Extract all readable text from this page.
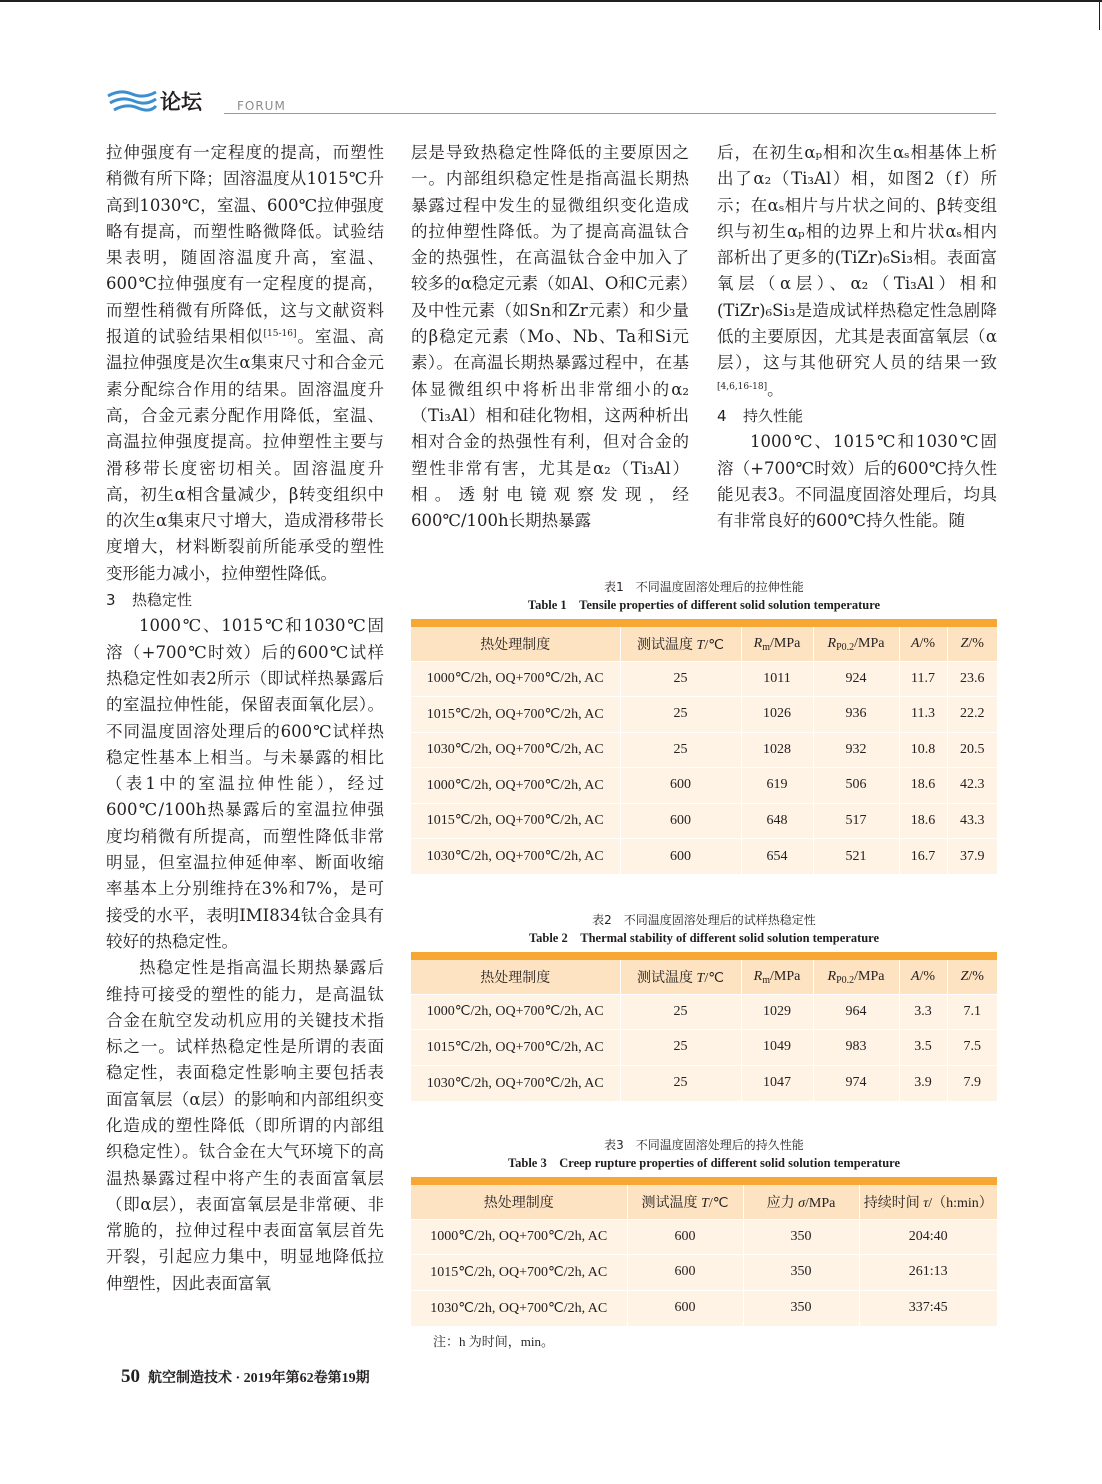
论坛	FORUM

拉伸强度有一定程度的提高，而塑性稍微有所下降；固溶温度从1015℃升高到1030℃，室温、600℃拉伸强度略有提高，而塑性略微降低。试验结果表明，随固溶温度升高，室温、600℃拉伸强度有一定程度的提高，而塑性稍微有所降低，这与文献资料报道的试验结果相似[15-16]。室温、高温拉伸强度是次生α集束尺寸和合金元素分配综合作用的结果。固溶温度升高，合金元素分配作用降低，室温、高温拉伸强度提高。拉伸塑性主要与滑移带长度密切相关。固溶温度升高，初生α相含量减少，β转变组织中的次生α集束尺寸增大，造成滑移带长度增大，材料断裂前所能承受的塑性变形能力减小，拉伸塑性降低。

3 热稳定性

1000℃、1015℃和1030℃固溶（+700℃时效）后的600℃试样热稳定性如表2所示（即试样热暴露后的室温拉伸性能，保留表面氧化层）。不同温度固溶处理后的600℃试样热稳定性基本上相当。与未暴露的相比（表1中的室温拉伸性能），经过600℃/100h热暴露后的室温拉伸强度均稍微有所提高，而塑性降低非常明显，但室温拉伸延伸率、断面收缩率基本上分别维持在3%和7%，是可接受的水平，表明IMI834钛合金具有较好的热稳定性。

热稳定性是指高温长期热暴露后维持可接受的塑性的能力，是高温钛合金在航空发动机应用的关键技术指标之一。试样热稳定性是所谓的表面稳定性，表面稳定性影响主要包括表面富氧层（α层）的影响和内部组织变化造成的塑性降低（即所谓的内部组织稳定性）。钛合金在大气环境下的高温热暴露过程中将产生的表面富氧层（即α层），表面富氧层是非常硬、非常脆的，拉伸过程中表面富氧层首先开裂，引起应力集中，明显地降低拉伸塑性，因此表面富氧

层是导致热稳定性降低的主要原因之一。内部组织稳定性是指高温长期热暴露过程中发生的显微组织变化造成的拉伸塑性降低。为了提高高温钛合金的热强性，在高温钛合金中加入了较多的α稳定元素（如Al、O和C元素）及中性元素（如Sn和Zr元素）和少量的β稳定元素（Mo、Nb、Ta和Si元素）。在高温长期热暴露过程中，在基体显微组织中将析出非常细小的α₂（Ti₃Al）相和硅化物相，这两种析出相对合金的热强性有利，但对合金的塑性非常有害，尤其是α₂（Ti₃Al）相。透射电镜观察发现，经600℃/100h长期热暴露

后，在初生αₚ相和次生αₛ相基体上析出了α₂（Ti₃Al）相，如图2（f）所示；在αₛ相片与片状之间的、β转变组织与初生αₚ相的边界上和片状αₛ相内部析出了更多的(TiZr)₆Si₃相。表面富氧层（α层）、α₂（Ti₃Al）相和(TiZr)₆Si₃是造成试样热稳定性急剧降低的主要原因，尤其是表面富氧层（α层），这与其他研究人员的结果一致[4,6,16-18]。

4 持久性能

1000℃、1015℃和1030℃固溶（+700℃时效）后的600℃持久性能见表3。不同温度固溶处理后，均具有非常良好的600℃持久性能。随

表1　不同温度固溶处理后的拉伸性能
Table 1　Tensile properties of different solid solution temperature
热处理制度	测试温度 T/℃	$R_m$/MPa	$R_{P0.2}$/MPa	A/%	Z/%
1000℃/2h, OQ+700℃/2h, AC	25	1011	924	11.7	23.6
1015℃/2h, OQ+700℃/2h, AC	25	1026	936	11.3	22.2
1030℃/2h, OQ+700℃/2h, AC	25	1028	932	10.8	20.5
1000℃/2h, OQ+700℃/2h, AC	600	619	506	18.6	42.3
1015℃/2h, OQ+700℃/2h, AC	600	648	517	18.6	43.3
1030℃/2h, OQ+700℃/2h, AC	600	654	521	16.7	37.9
表2　不同温度固溶处理后的试样热稳定性
Table 2　Thermal stability of different solid solution temperature
热处理制度	测试温度 T/℃	$R_m$/MPa	$R_{P0.2}$/MPa	A/%	Z/%
1000℃/2h, OQ+700℃/2h, AC	25	1029	964	3.3	7.1
1015℃/2h, OQ+700℃/2h, AC	25	1049	983	3.5	7.5
1030℃/2h, OQ+700℃/2h, AC	25	1047	974	3.9	7.9
表3　不同温度固溶处理后的持久性能
Table 3　Creep rupture properties of different solid solution temperature
热处理制度	测试温度 T/℃	应力 σ/MPa	持续时间 τ/（h:min）
1000℃/2h, OQ+700℃/2h, AC	600	350	204:40
1015℃/2h, OQ+700℃/2h, AC	600	350	261:13
1030℃/2h, OQ+700℃/2h, AC	600	350	337:45
注：h 为时间，min。
50 航空制造技术 · 2019年第62卷第19期
